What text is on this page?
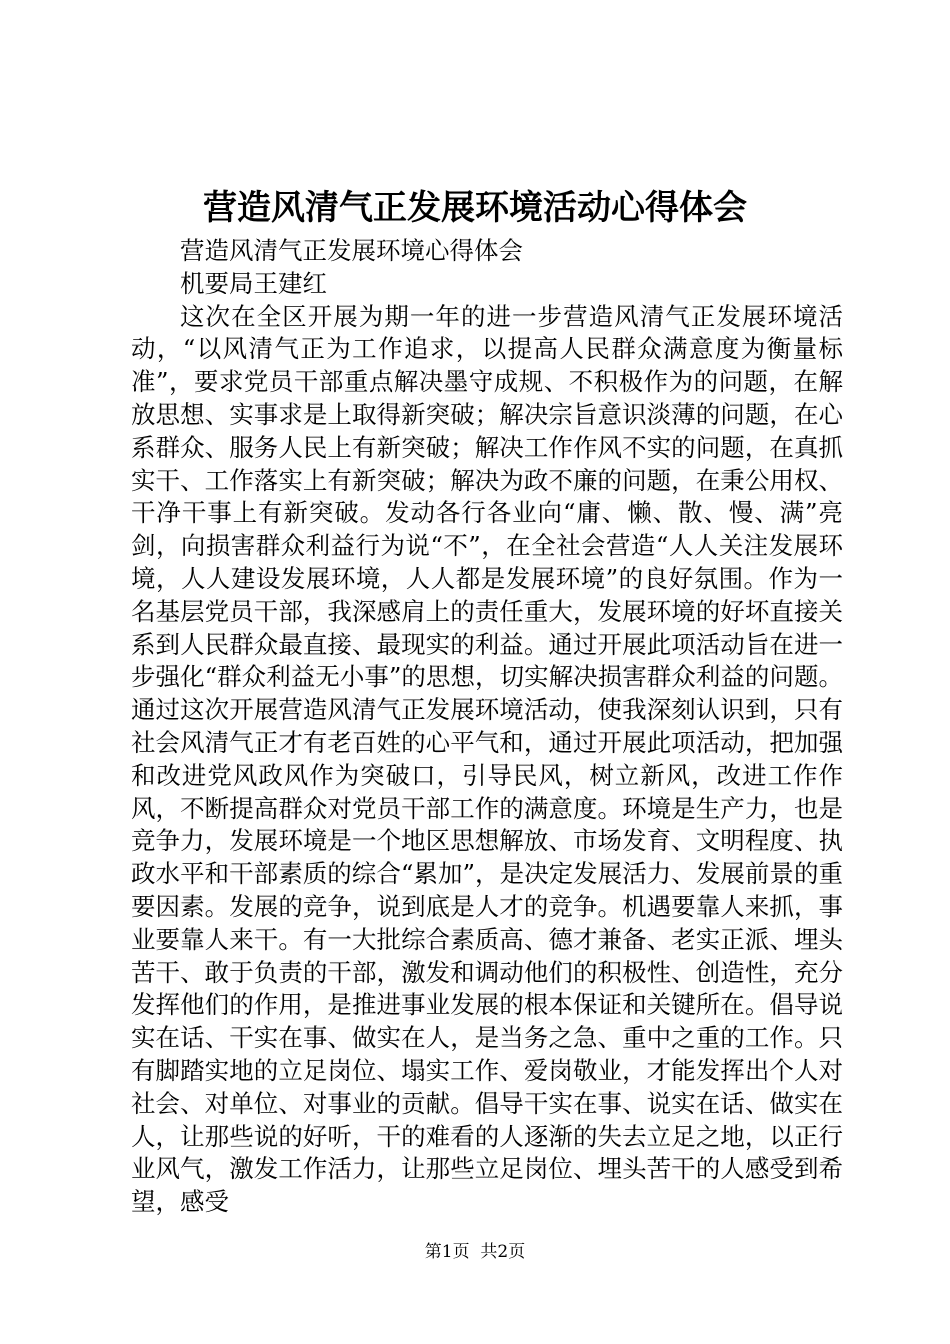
营造风清气正发展环境活动心得体会

营造风清气正发展环境心得体会

机要局王建红

这次在全区开展为期一年的进一步营造风清气正发展环境活动，“以风清气正为工作追求，以提高人民群众满意度为衡量标准”，要求党员干部重点解决墨守成规、不积极作为的问题，在解放思想、实事求是上取得新突破；解决宗旨意识淡薄的问题，在心系群众、服务人民上有新突破；解决工作作风不实的问题，在真抓实干、工作落实上有新突破；解决为政不廉的问题，在秉公用权、干净干事上有新突破。发动各行各业向“庸、懒、散、慢、满”亮剑，向损害群众利益行为说“不”，在全社会营造“人人关注发展环境，人人建设发展环境，人人都是发展环境”的良好氛围。作为一名基层党员干部，我深感肩上的责任重大，发展环境的好坏直接关系到人民群众最直接、最现实的利益。通过开展此项活动旨在进一步强化“群众利益无小事”的思想，切实解决损害群众利益的问题。通过这次开展营造风清气正发展环境活动，使我深刻认识到，只有社会风清气正才有老百姓的心平气和，通过开展此项活动，把加强和改进党风政风作为突破口，引导民风，树立新风，改进工作作风，不断提高群众对党员干部工作的满意度。环境是生产力，也是竞争力，发展环境是一个地区思想解放、市场发育、文明程度、执政水平和干部素质的综合“累加”，是决定发展活力、发展前景的重要因素。发展的竞争，说到底是人才的竞争。机遇要靠人来抓，事业要靠人来干。有一大批综合素质高、德才兼备、老实正派、埋头苦干、敢于负责的干部，激发和调动他们的积极性、创造性，充分发挥他们的作用，是推进事业发展的根本保证和关键所在。倡导说实在话、干实在事、做实在人，是当务之急、重中之重的工作。只有脚踏实地的立足岗位、塌实工作、爱岗敬业，才能发挥出个人对社会、对单位、对事业的贡献。倡导干实在事、说实在话、做实在人，让那些说的好听，干的难看的人逐渐的失去立足之地，以正行业风气，激发工作活力，让那些立足岗位、埋头苦干的人感受到希望，感受

第1页 共2页
